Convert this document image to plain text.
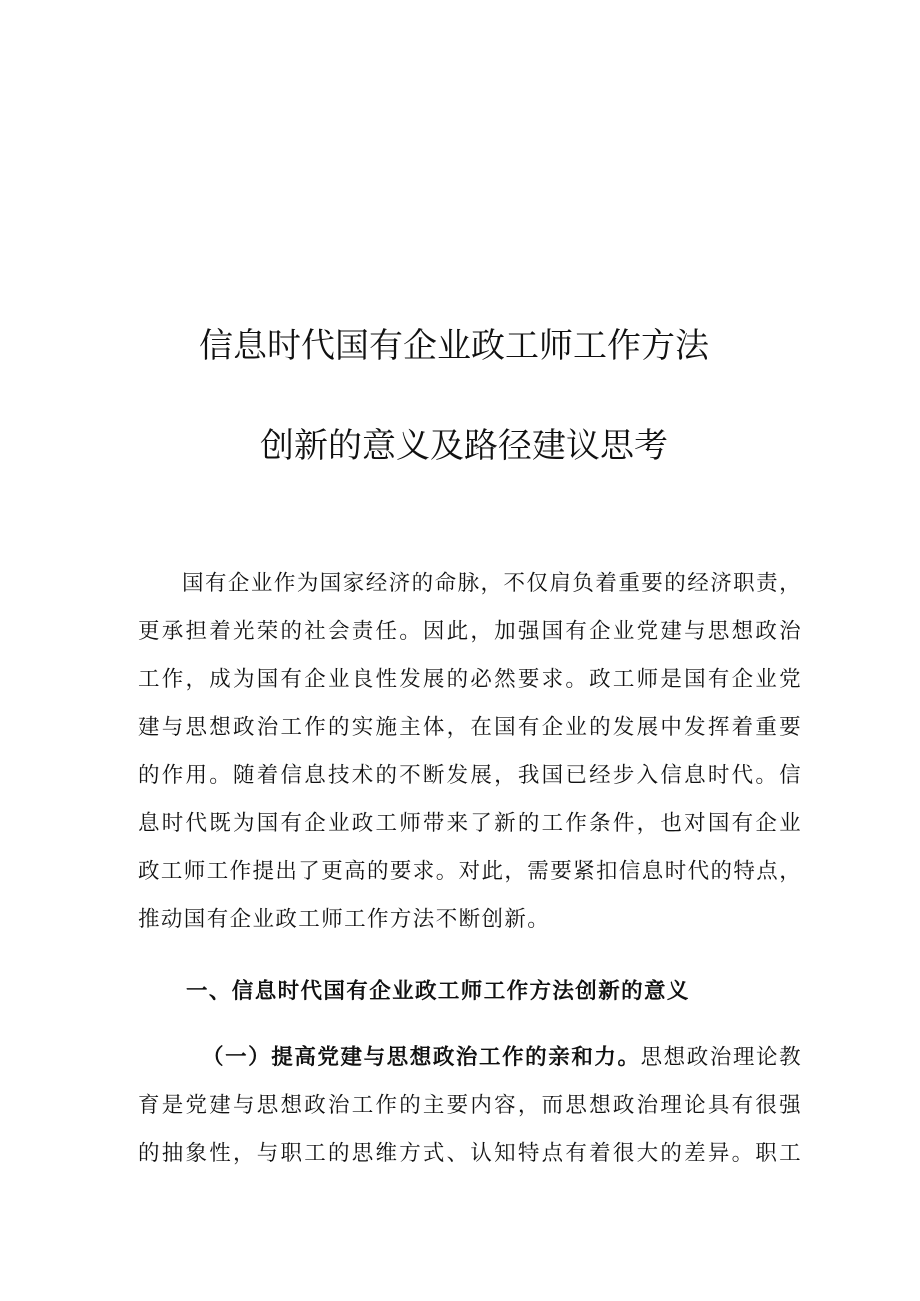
信息时代国有企业政工师工作方法
创新的意义及路径建议思考
国有企业作为国家经济的命脉，不仅肩负着重要的经济职责，
更承担着光荣的社会责任。因此，加强国有企业党建与思想政治
工作，成为国有企业良性发展的必然要求。政工师是国有企业党
建与思想政治工作的实施主体，在国有企业的发展中发挥着重要
的作用。随着信息技术的不断发展，我国已经步入信息时代。信
息时代既为国有企业政工师带来了新的工作条件，也对国有企业
政工师工作提出了更高的要求。对此，需要紧扣信息时代的特点，
推动国有企业政工师工作方法不断创新。
一、信息时代国有企业政工师工作方法创新的意义
（一）提高党建与思想政治工作的亲和力。思想政治理论教
育是党建与思想政治工作的主要内容，而思想政治理论具有很强
的抽象性，与职工的思维方式、认知特点有着很大的差异。职工
